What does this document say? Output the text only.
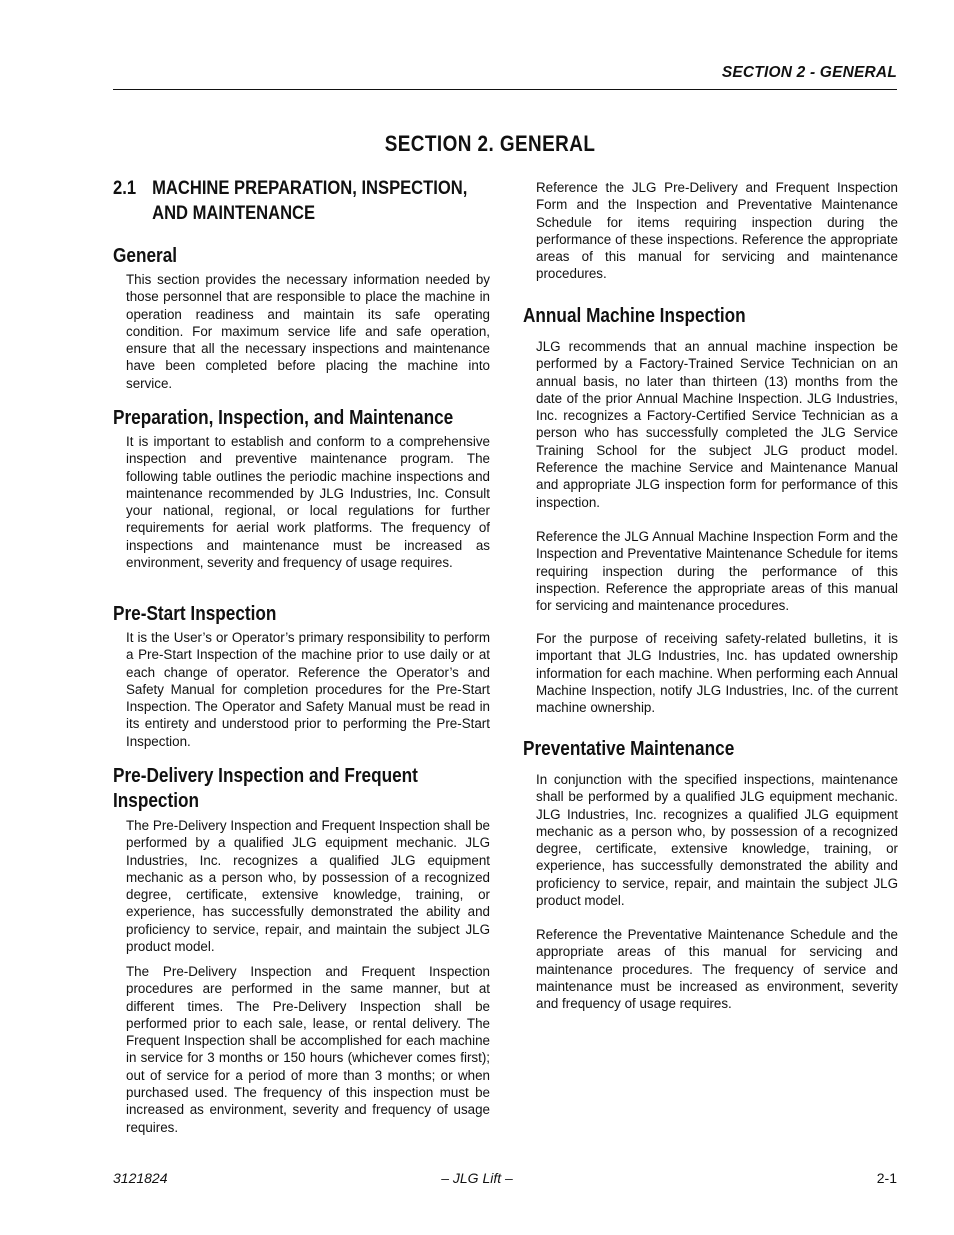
SECTION 2 - GENERAL
SECTION 2. GENERAL
2.1 MACHINE PREPARATION, INSPECTION,
AND MAINTENANCE
General

This section provides the necessary information needed by those personnel that are responsible to place the machine in operation readiness and maintain its safe operating condition. For maximum service life and safe operation, ensure that all the necessary inspections and maintenance have been completed before placing the machine into service.

Preparation, Inspection, and Maintenance

It is important to establish and conform to a comprehensive inspection and preventive maintenance program. The following table outlines the periodic machine inspections and maintenance recommended by JLG Industries, Inc. Consult your national, regional, or local regulations for further requirements for aerial work platforms. The frequency of inspections and maintenance must be increased as environment, severity and frequency of usage requires.

Pre-Start Inspection

It is the User’s or Operator’s primary responsibility to perform a Pre-Start Inspection of the machine prior to use daily or at each change of operator. Reference the Operator’s and Safety Manual for completion procedures for the Pre-Start Inspection. The Operator and Safety Manual must be read in its entirety and understood prior to performing the Pre-Start Inspection.

Pre-Delivery Inspection and Frequent
Inspection

The Pre-Delivery Inspection and Frequent Inspection shall be performed by a qualified JLG equipment mechanic. JLG Industries, Inc. recognizes a qualified JLG equipment mechanic as a person who, by possession of a recognized degree, certificate, extensive knowledge, training, or experience, has successfully demonstrated the ability and proficiency to service, repair, and maintain the subject JLG product model.

The Pre-Delivery Inspection and Frequent Inspection procedures are performed in the same manner, but at different times. The Pre-Delivery Inspection shall be performed prior to each sale, lease, or rental delivery. The Frequent Inspection shall be accomplished for each machine in service for 3 months or 150 hours (whichever comes first); out of service for a period of more than 3 months; or when purchased used. The frequency of this inspection must be increased as environment, severity and frequency of usage requires.

Reference the JLG Pre-Delivery and Frequent Inspection Form and the Inspection and Preventative Maintenance Schedule for items requiring inspection during the performance of these inspections. Reference the appropriate areas of this manual for servicing and maintenance procedures.

Annual Machine Inspection

JLG recommends that an annual machine inspection be performed by a Factory-Trained Service Technician on an annual basis, no later than thirteen (13) months from the date of the prior Annual Machine Inspection. JLG Industries, Inc. recognizes a Factory-Certified Service Technician as a person who has successfully completed the JLG Service Training School for the subject JLG product model. Reference the machine Service and Maintenance Manual and appropriate JLG inspection form for performance of this inspection.

Reference the JLG Annual Machine Inspection Form and the Inspection and Preventative Maintenance Schedule for items requiring inspection during the performance of this inspection. Reference the appropriate areas of this manual for servicing and maintenance procedures.

For the purpose of receiving safety-related bulletins, it is important that JLG Industries, Inc. has updated ownership information for each machine. When performing each Annual Machine Inspection, notify JLG Industries, Inc. of the current machine ownership.

Preventative Maintenance

In conjunction with the specified inspections, maintenance shall be performed by a qualified JLG equipment mechanic. JLG Industries, Inc. recognizes a qualified JLG equipment mechanic as a person who, by possession of a recognized degree, certificate, extensive knowledge, training, or experience, has successfully demonstrated the ability and proficiency to service, repair, and maintain the subject JLG product model.

Reference the Preventative Maintenance Schedule and the appropriate areas of this manual for servicing and maintenance procedures. The frequency of service and maintenance must be increased as environment, severity and frequency of usage requires.

3121824	– JLG Lift –	2-1
